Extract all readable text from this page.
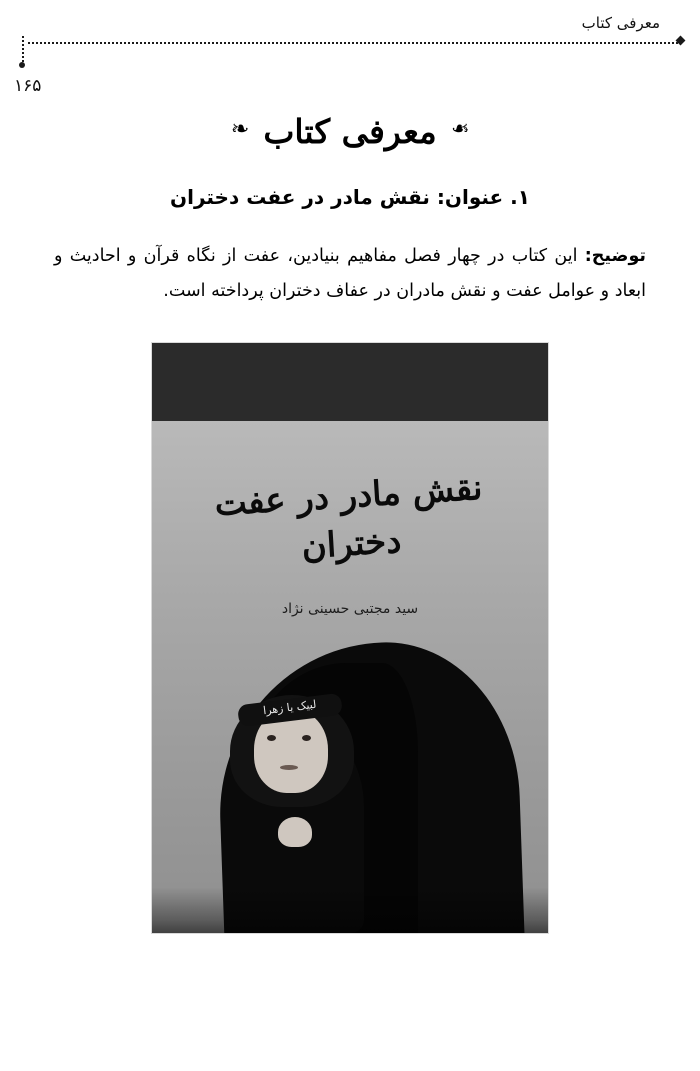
معرفی کتاب
۱۶۵
❧
معرفی کتاب
❧
۱. عنوان: نقش مادر در عفت دختران

توضیح: این کتاب در چهار فصل مفاهیم بنیادین، عفت از نگاه قرآن و احادیث و ابعاد و عوامل عفت و نقش مادران در عفاف دختران پرداخته است.

نقش مادر در عفت دختران
سید مجتبی حسینی نژاد
لبیک یا زهرا
